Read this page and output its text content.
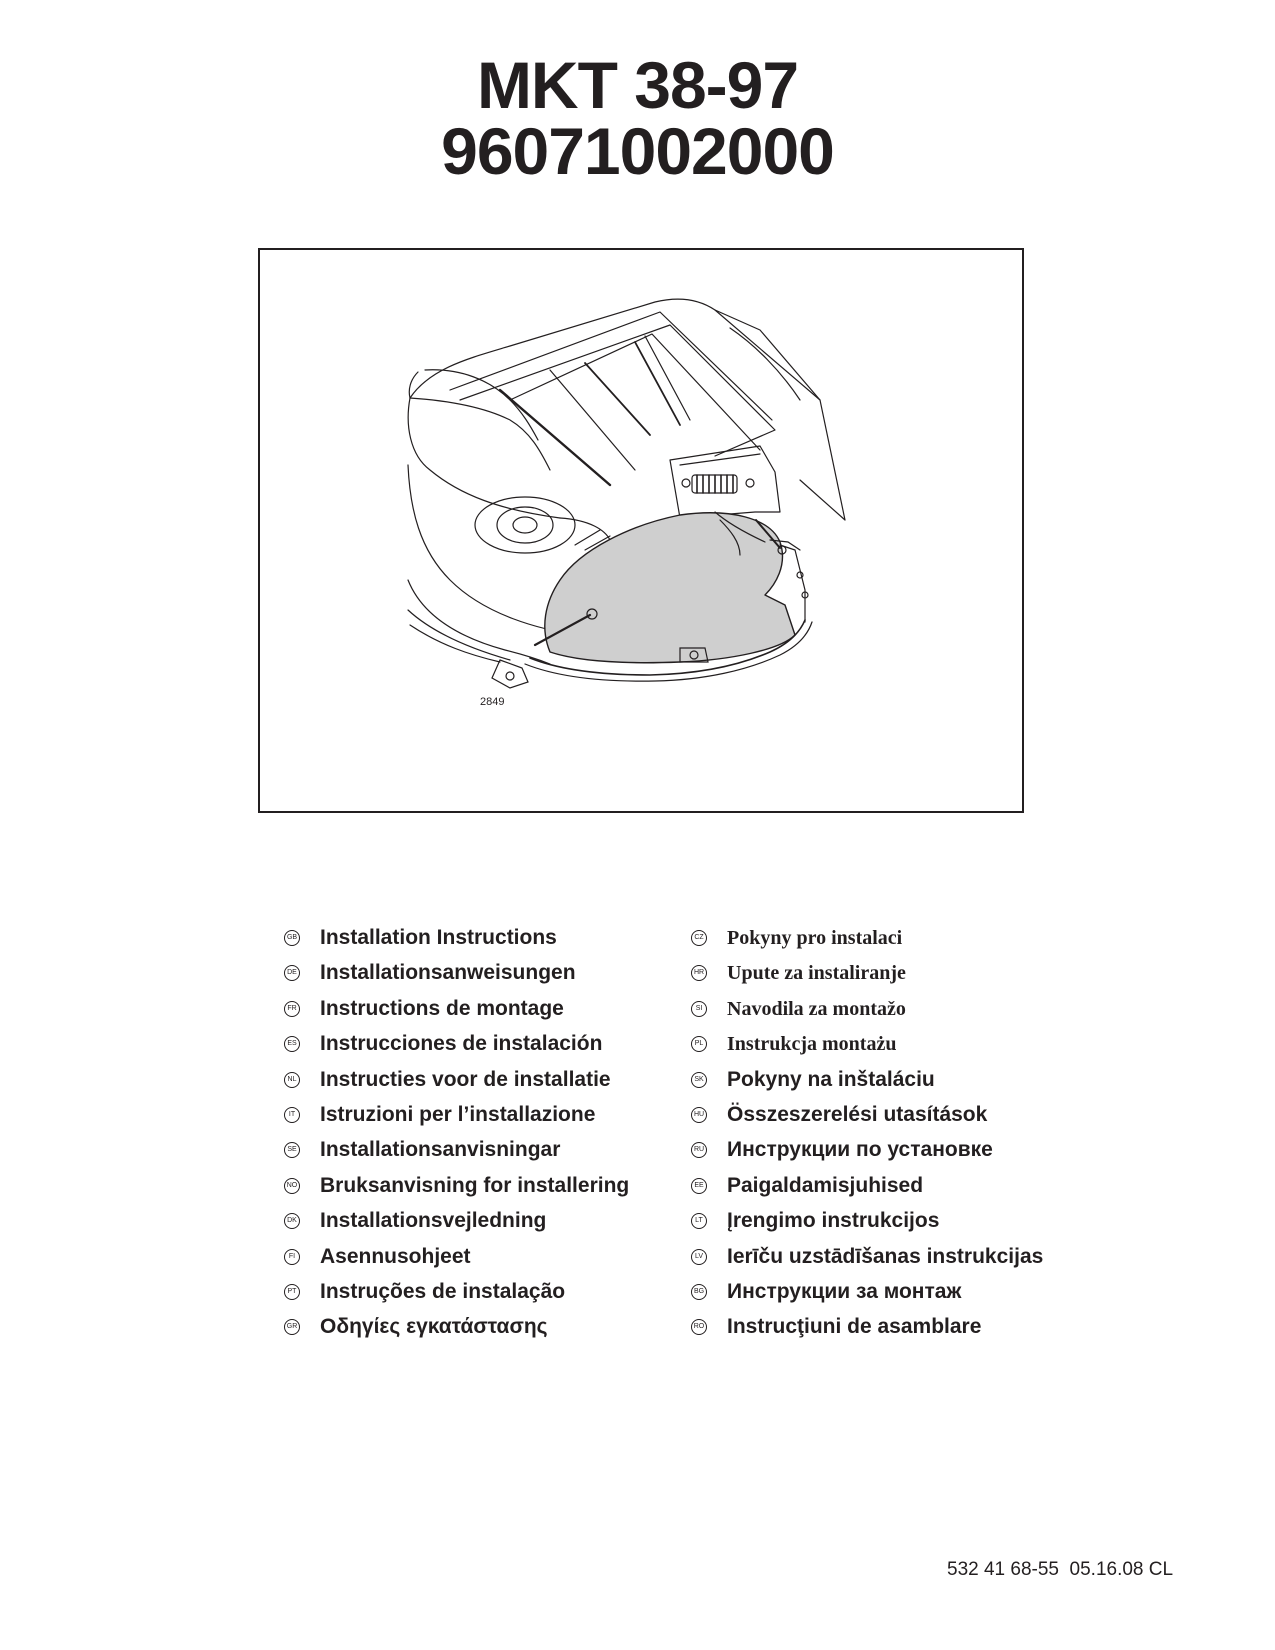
MKT 38-97
96071002000
2849
GB Installation Instructions
DE Installationsanweisungen
FR Instructions de montage
ES Instrucciones de instalación
NL Instructies voor de installatie
IT Istruzioni per l’installazione
SE Installationsanvisningar
NO Bruksanvisning for installering
DK Installationsvejledning
FI Asennusohjeet
PT Instruções de instalação
GR Οδηγίες εγκατάστασης
CZ Pokyny pro instalaci
HR Upute za instaliranje
SI Navodila za montažo
PL Instrukcja montażu
SK Pokyny na inštaláciu
HU Összeszerelési utasítások
RU Инструкции по установке
EE Paigaldamisjuhised
LT Įrengimo instrukcijos
LV Ierīču uzstādīšanas instrukcijas
BG Инструкции за монтаж
RO Instrucţiuni de asamblare
532 41 68-55  05.16.08 CL
